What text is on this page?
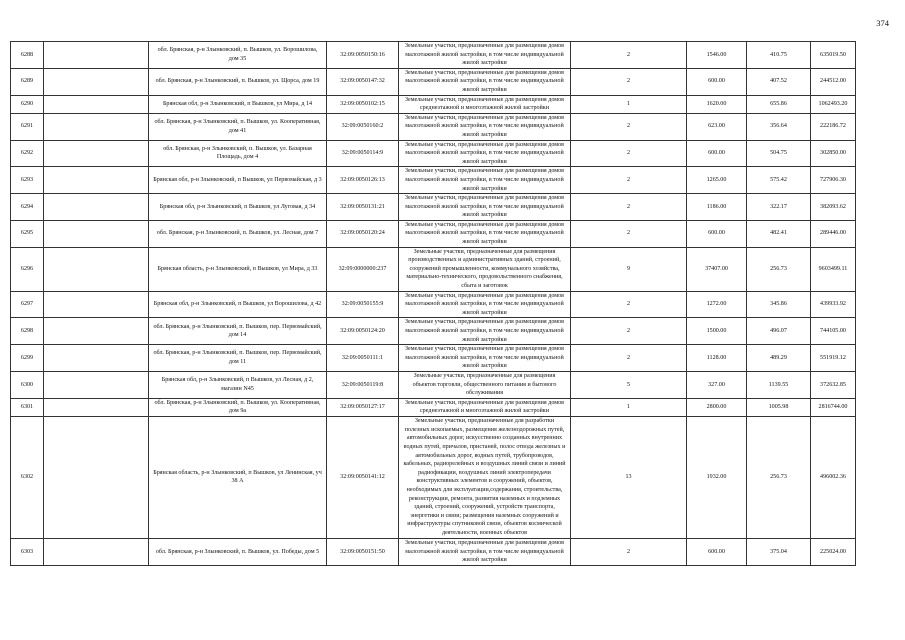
374
6288		обл. Брянская, р-н Злынковский, п. Вышков, ул. Ворошилова, дом 35	32:09:0050150:16	Земельные участки, предназначенные для размещения домов малоэтажной жилой застройки, в том числе индивидуальной жилой застройки	2	1546.00	410.75	635019.50
6289		обл. Брянская, р-н Злынковский, п. Вышков, ул. Щорса, дом 19	32:09:0050147:32	Земельные участки, предназначенные для размещения домов малоэтажной жилой застройки, в том числе индивидуальной жилой застройки	2	600.00	407.52	244512.00
6290		Брянская обл, р-н Злынковский, п Вышков, ул Мира, д 14	32:09:0050102:15	Земельные участки, предназначенные для размещения домов среднеэтажной и многоэтажной жилой застройки	1	1620.00	655.86	1062493.20
6291		обл. Брянская, р-н Злынковский, п. Вышков, ул. Кооперативная, дом 41	32:09:0050160:2	Земельные участки, предназначенные для размещения домов малоэтажной жилой застройки, в том числе индивидуальной жилой застройки	2	623.00	356.64	222186.72
6292		обл. Брянская, р-н Злынковский, п. Вышков, ул. Базарная Площадь, дом 4	32:09:0050114:9	Земельные участки, предназначенные для размещения домов малоэтажной жилой застройки, в том числе индивидуальной жилой застройки	2	600.00	504.75	302850.00
6293		Брянская обл, р-н Злынковский, п Вышков, ул Первомайская, д 3	32:09:0050126:13	Земельные участки, предназначенные для размещения домов малоэтажной жилой застройки, в том числе индивидуальной жилой застройки	2	1265.00	575.42	727906.30
6294		Брянская обл, р-н Злынковский, п Вышков, ул Луговая, д 34	32:09:0050131:21	Земельные участки, предназначенные для размещения домов малоэтажной жилой застройки, в том числе индивидуальной жилой застройки	2	1186.00	322.17	382093.62
6295		обл. Брянская, р-н Злынковский, п. Вышков, ул. Лесная, дом 7	32:09:0050120:24	Земельные участки, предназначенные для размещения домов малоэтажной жилой застройки, в том числе индивидуальной жилой застройки	2	600.00	482.41	289446.00
6296		Брянская область, р-н Злынковский, п Вышков, ул Мира, д 33	32:09:0000000:237	Земельные участки, предназначенные для размещения производственных и административных зданий, строений, сооружений промышленности, коммунального хозяйства, материально-технического, продовольственного снабжения, сбыта и заготовок	9	37407.00	256.73	9603499.11
6297		Брянская обл, р-н Злынковский, п Вышков, ул Ворошилова, д 42	32:09:0050155:9	Земельные участки, предназначенные для размещения домов малоэтажной жилой застройки, в том числе индивидуальной жилой застройки	2	1272.00	345.86	439933.92
6298		обл. Брянская, р-н Злынковский, п. Вышков, пер. Первомайский, дом 14	32:09:0050124:20	Земельные участки, предназначенные для размещения домов малоэтажной жилой застройки, в том числе индивидуальной жилой застройки	2	1500.00	496.07	744105.00
6299		обл. Брянская, р-н Злынковский, п. Вышков, пер. Первомайский, дом 11	32:09:0050111:1	Земельные участки, предназначенные для размещения домов малоэтажной жилой застройки, в том числе индивидуальной жилой застройки	2	1128.00	489.29	551919.12
6300		Брянская обл, р-н Злынковский, п Вышков, ул Лесная, д 2, магазин N45	32:09:0050119:8	Земельные участки, предназначенные для размещения объектов торговли, общественного питания и бытового обслуживания	5	327.00	1139.55	372632.85
6301		обл. Брянская, р-н Злынковский, п. Вышков, ул. Кооперативная, дом 9а	32:09:0050127:17	Земельные участки, предназначенные для размещения домов среднеэтажной и многоэтажной жилой застройки	1	2800.00	1005.98	2816744.00
6302		Брянская область, р-н Злынковский, п Вышков, ул Ленинская, уч 38 А	32:09:0050141:12	Земельные участки, предназначенные для разработки полезных ископаемых, размещения железнодорожных путей, автомобильных дорог, искусственно созданных внутренних водных путей, причалов, пристаней, полос отвода железных и автомобильных дорог, водных путей, трубопроводов, кабельных, радиорелейных и воздушных линий связи и линий радиофикации, воздушных линий электропередачи конструктивных элементов и сооружений, объектов, необходимых для эксплуатации,содержания, строительства, реконструкции, ремонта, развития наземных и подземных зданий, строений, сооружений, устройств транспорта, энергетики и связи; размещения наземных сооружений и инфраструктуры спутниковой связи, объектов космической деятельности, военных объектов	13	1932.00	256.73	496002.36
6303		обл. Брянская, р-н Злынковский, п. Вышков, ул. Победы, дом 5	32:09:0050151:50	Земельные участки, предназначенные для размещения домов малоэтажной жилой застройки, в том числе индивидуальной жилой застройки	2	600.00	375.04	225024.00
